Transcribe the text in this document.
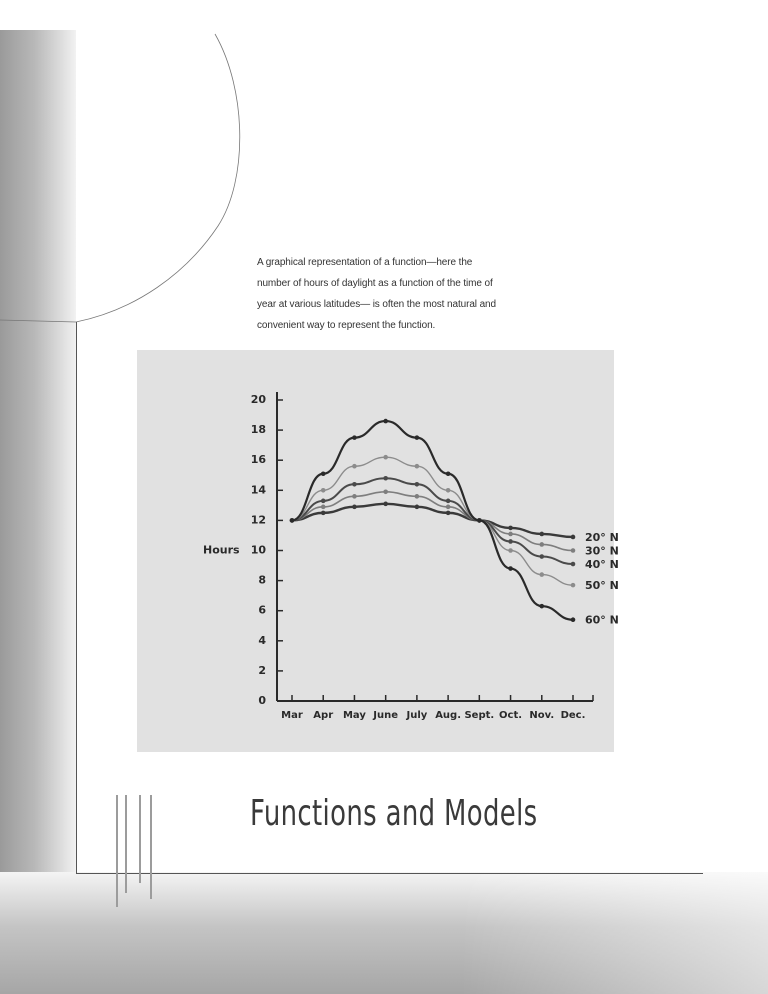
A graphical representation of a function—here the number of hours of daylight as a function of the time of year at various latitudes— is often the most natural and convenient way to represent the function.

0
2
4
6
8
10
12
14
16
18
20
Mar Apr May June July Aug. Sept. Oct. Nov. Dec.
Hours
20° N
30° N
40° N
50° N
60° N
Functions and Models
